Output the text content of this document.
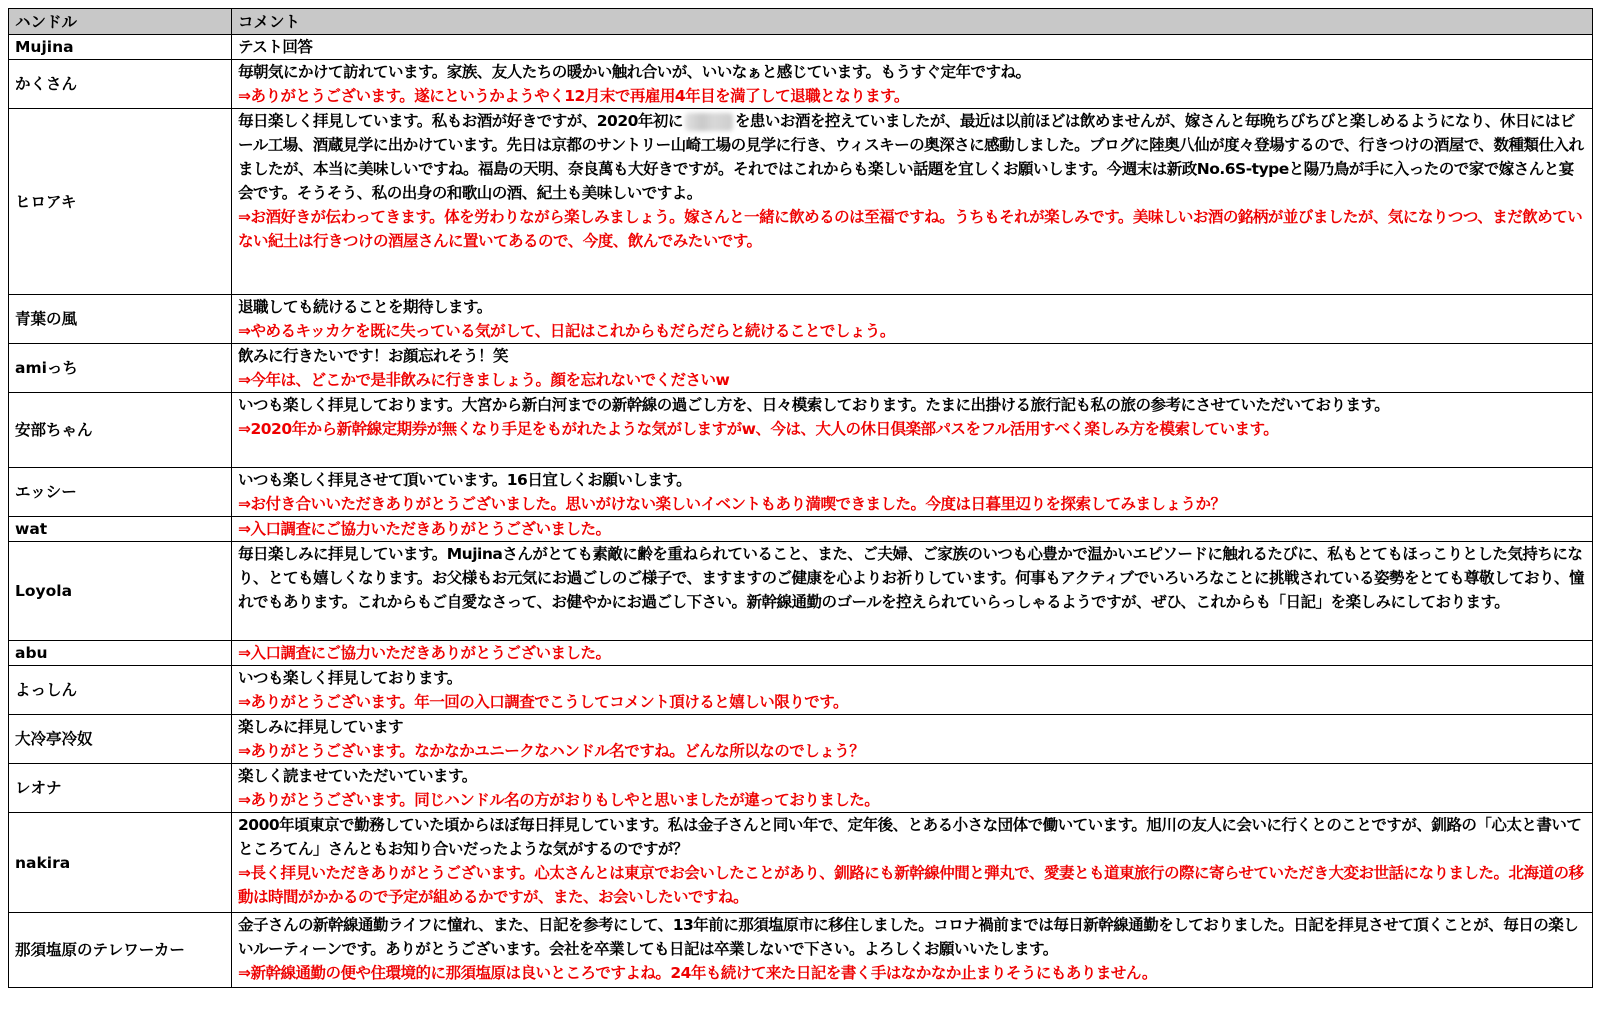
ハンドル	コメント
Mujina	テスト回答

かくさん	毎朝気にかけて訪れています。家族、友人たちの暖かい触れ合いが、いいなぁと感じています。もうすぐ定年ですね。
⇒ありがとうございます。遂にというかようやく12月末で再雇用4年目を満了して退職となります。

ヒロアキ	毎日楽しく拝見しています。私もお酒が好きですが、2020年初に を患いお酒を控えていましたが、最近は以前ほどは飲めませんが、嫁さんと毎晩ちびちびと楽しめるようになり、休日にはビール工場、酒蔵見学に出かけています。先日は京都のサントリー山崎工場の見学に行き、ウィスキーの奥深さに感動しました。ブログに陸奥八仙が度々登場するので、行きつけの酒屋で、数種類仕入れましたが、本当に美味しいですね。福島の天明、奈良萬も大好きですが。それではこれからも楽しい話題を宜しくお願いします。今週末は新政No.6S-typeと陽乃鳥が手に入ったので家で嫁さんと宴会です。そうそう、私の出身の和歌山の酒、紀土も美味しいですよ。
⇒お酒好きが伝わってきます。体を労わりながら楽しみましょう。嫁さんと一緒に飲めるのは至福ですね。うちもそれが楽しみです。美味しいお酒の銘柄が並びましたが、気になりつつ、まだ飲めていない紀土は行きつけの酒屋さんに置いてあるので、今度、飲んでみたいです。

青葉の風	退職しても続けることを期待します。
⇒やめるキッカケを既に失っている気がして、日記はこれからもだらだらと続けることでしょう。

amiっち	飲みに行きたいです！お顔忘れそう！笑
⇒今年は、どこかで是非飲みに行きましょう。顔を忘れないでくださいw

安部ちゃん	いつも楽しく拝見しております。大宮から新白河までの新幹線の過ごし方を、日々模索しております。たまに出掛ける旅行記も私の旅の参考にさせていただいております。
⇒2020年から新幹線定期券が無くなり手足をもがれたような気がしますがw、今は、大人の休日倶楽部パスをフル活用すべく楽しみ方を模索しています。

エッシー	いつも楽しく拝見させて頂いています。16日宜しくお願いします。
⇒お付き合いいただきありがとうございました。思いがけない楽しいイベントもあり満喫できました。今度は日暮里辺りを探索してみましょうか？

wat	⇒入口調査にご協力いただきありがとうございました。

Loyola	毎日楽しみに拝見しています。Mujinaさんがとても素敵に齢を重ねられていること、また、ご夫婦、ご家族のいつも心豊かで温かいエピソードに触れるたびに、私もとてもほっこりとした気持ちになり、とても嬉しくなります。お父様もお元気にお過ごしのご様子で、ますますのご健康を心よりお祈りしています。何事もアクティブでいろいろなことに挑戦されている姿勢をとても尊敬しており、憧れでもあります。これからもご自愛なさって、お健やかにお過ごし下さい。新幹線通勤のゴールを控えられていらっしゃるようですが、ぜひ、これからも「日記」を楽しみにしております。

abu	⇒入口調査にご協力いただきありがとうございました。

よっしん	いつも楽しく拝見しております。
⇒ありがとうございます。年一回の入口調査でこうしてコメント頂けると嬉しい限りです。

大冷亭冷奴	楽しみに拝見しています
⇒ありがとうございます。なかなかユニークなハンドル名ですね。どんな所以なのでしょう？

レオナ	楽しく読ませていただいています。
⇒ありがとうございます。同じハンドル名の方がおりもしやと思いましたが違っておりました。

nakira	2000年頃東京で勤務していた頃からほぼ毎日拝見しています。私は金子さんと同い年で、定年後、とある小さな団体で働いています。旭川の友人に会いに行くとのことですが、釧路の「心太と書いてところてん」さんともお知り合いだったような気がするのですが？
⇒長く拝見いただきありがとうございます。心太さんとは東京でお会いしたことがあり、釧路にも新幹線仲間と弾丸で、愛妻とも道東旅行の際に寄らせていただき大変お世話になりました。北海道の移動は時間がかかるので予定が組めるかですが、また、お会いしたいですね。

那須塩原のテレワーカー	金子さんの新幹線通勤ライフに憧れ、また、日記を参考にして、13年前に那須塩原市に移住しました。コロナ禍前までは毎日新幹線通勤をしておりました。日記を拝見させて頂くことが、毎日の楽しいルーティーンです。ありがとうございます。会社を卒業しても日記は卒業しないで下さい。よろしくお願いいたします。
⇒新幹線通勤の便や住環境的に那須塩原は良いところですよね。24年も続けて来た日記を書く手はなかなか止まりそうにもありません。
